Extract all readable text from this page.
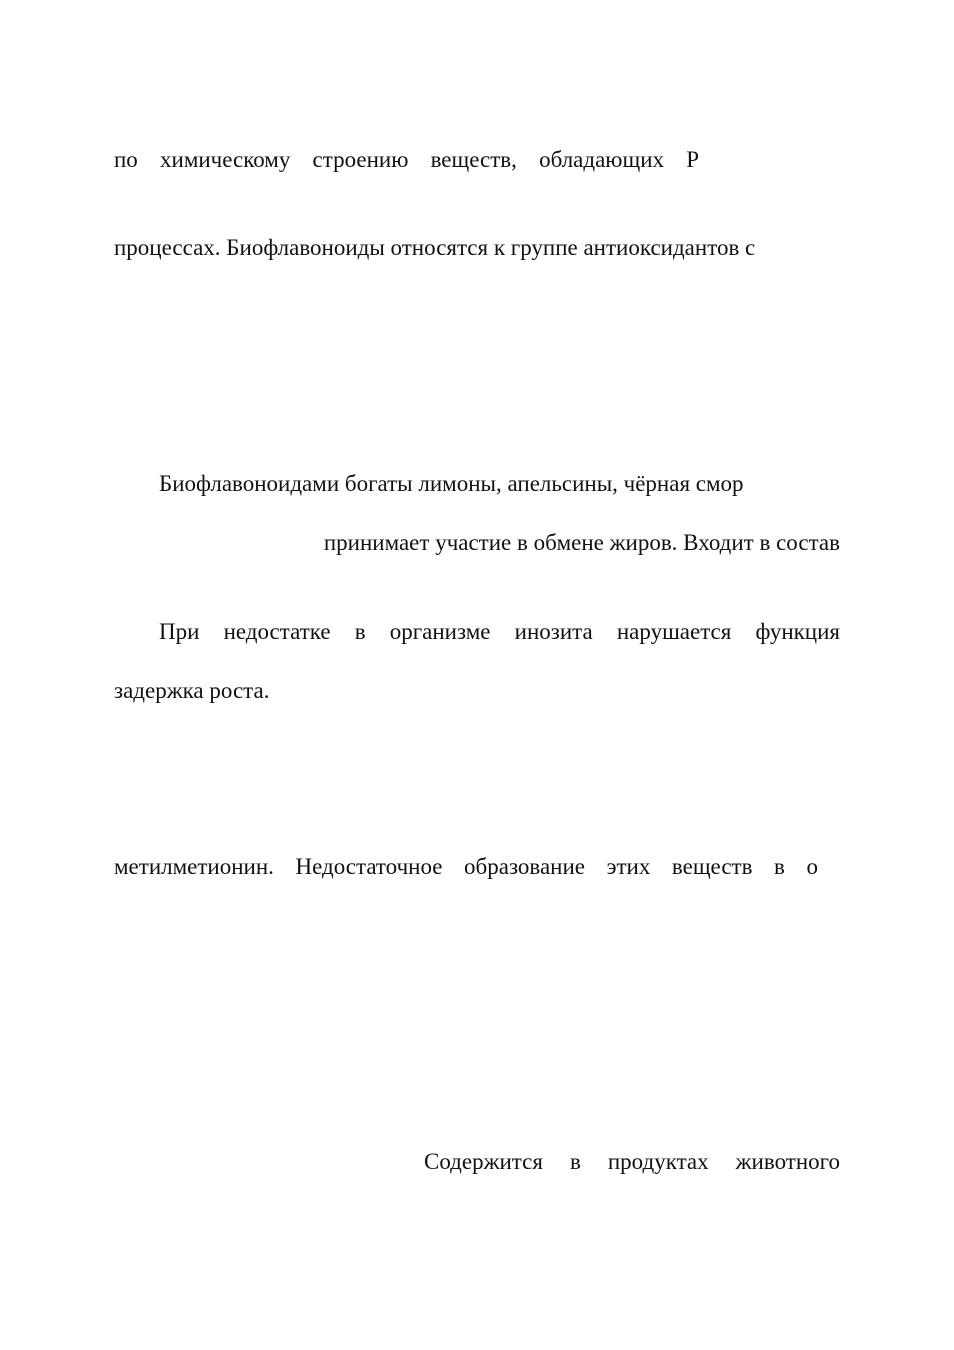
по химическому строению веществ, обладающих Р
процессах. Биофлавоноиды относятся к группе антиоксидантов с
Биофлавоноидами богаты лимоны, апельсины, чёрная смор
принимает участие в обмене жиров. Входит в состав
При недостатке в организме инозита нарушается функция
задержка роста.
метилметионин. Недостаточное образование этих веществ в о
Содержится в продуктах животного
